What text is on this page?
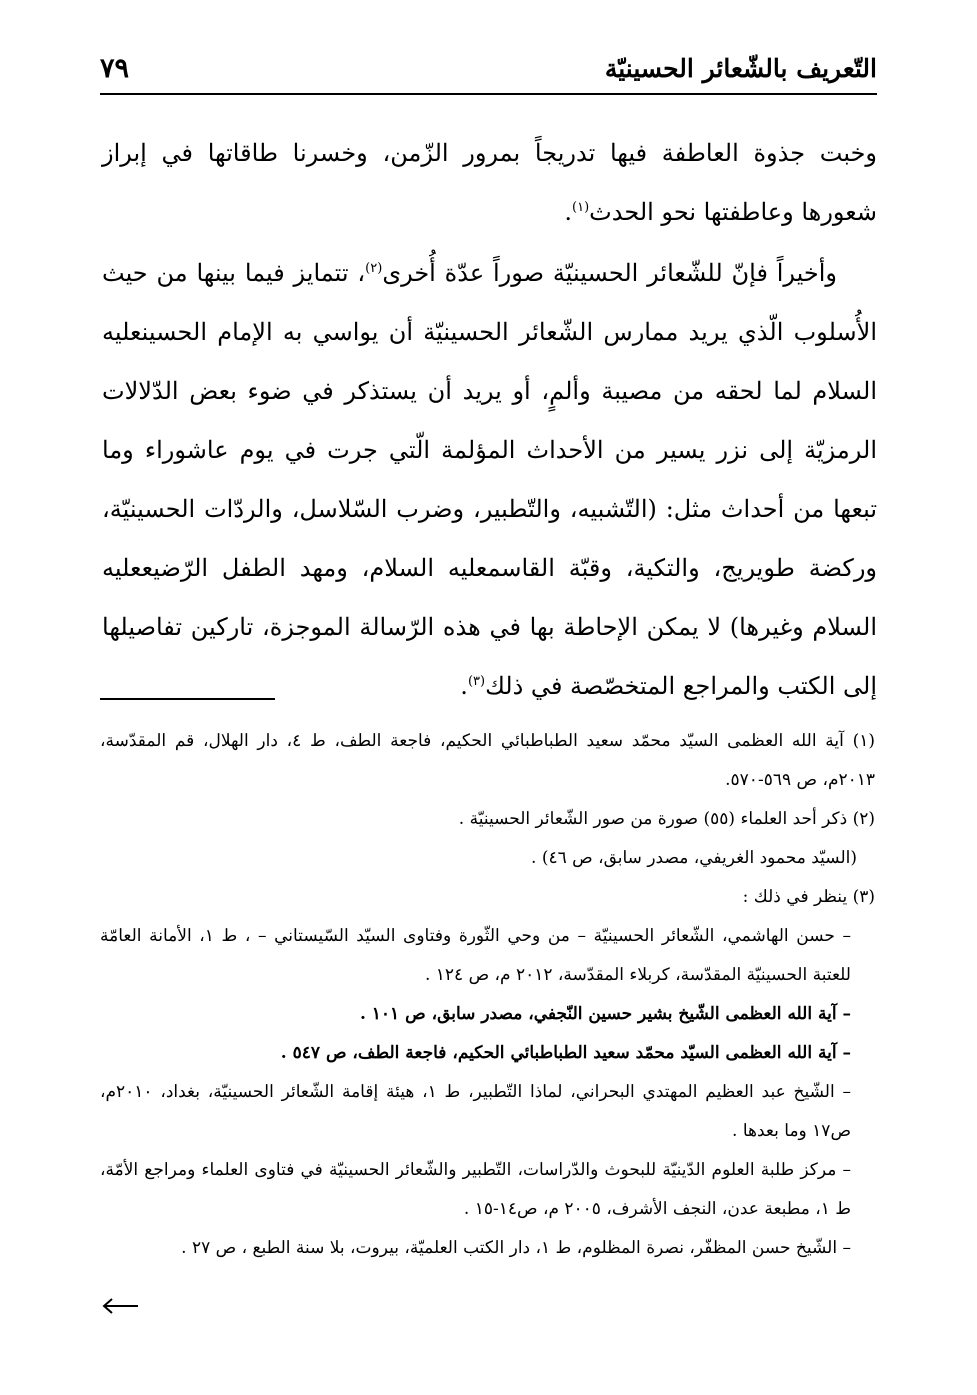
التّعريف بالشّعائر الحسينيّة
٧٩

وخبت جذوة العاطفة فيها تدريجاً بمرور الزّمن، وخسرنا طاقاتها في إبراز شعورها وعاطفتها نحو الحدث$^{(١)}$.

وأخيراً فإنّ للشّعائر الحسينيّة صوراً عدّة أُخرى$^{(٢)}$، تتمايز فيما بينها من حيث الأُسلوب الّذي يريد ممارس الشّعائر الحسينيّة أن يواسي به الإمام الحسينعليه السلام لما لحقه من مصيبة وألمٍ، أو يريد أن يستذكر في ضوء بعض الدّلالات الرمزيّة إلى نزر يسير من الأحداث المؤلمة الّتي جرت في يوم عاشوراء وما تبعها من أحداث مثل: (التّشبيه، والتّطبير، وضرب السّلاسل، والردّات الحسينيّة، وركضة طويريج، والتكية، وقبّة القاسمعليه السلام، ومهد الطفل الرّضيععليه السلام وغيرها) لا يمكن الإحاطة بها في هذه الرّسالة الموجزة، تاركين تفاصيلها إلى الكتب والمراجع المتخصّصة في ذلك$^{(٣)}$.

(١) آية الله العظمى السيّد محمّد سعيد الطباطبائي الحكيم، فاجعة الطف، ط ٤، دار الهلال، قم المقدّسة، ٢٠١٣م، ص ٥٦٩-٥٧٠.

(٢) ذكر أحد العلماء (٥٥) صورة من صور الشّعائر الحسينيّة .

(السيّد محمود الغريفي، مصدر سابق، ص ٤٦) .

(٣) ينظر في ذلك :

– حسن الهاشمي، الشّعائر الحسينيّة – من وحي الثّورة وفتاوى السيّد السّيستاني – ، ط ١، الأمانة العامّة للعتبة الحسينيّة المقدّسة، كربلاء المقدّسة، ٢٠١٢ م، ص ١٢٤ .

– آية الله العظمى الشّيخ بشير حسين النّجفي، مصدر سابق، ص ١٠١ .

– آية الله العظمى السيّد محمّد سعيد الطباطبائي الحكيم، فاجعة الطف، ص ٥٤٧ .

– الشّيخ عبد العظيم المهتدي البحراني، لماذا التّطبير، ط ١، هيئة إقامة الشّعائر الحسينيّة، بغداد، ٢٠١٠م، ص١٧ وما بعدها .

– مركز طلبة العلوم الدّينيّة للبحوث والدّراسات، التّطبير والشّعائر الحسينيّة في فتاوى العلماء ومراجع الأمّة، ط ١، مطبعة عدن، النجف الأشرف، ٢٠٠٥ م، ص١٤-١٥ .

– الشّيخ حسن المظفّر، نصرة المظلوم، ط ١، دار الكتب العلميّة، بيروت، بلا سنة الطبع ، ص ٢٧ .
